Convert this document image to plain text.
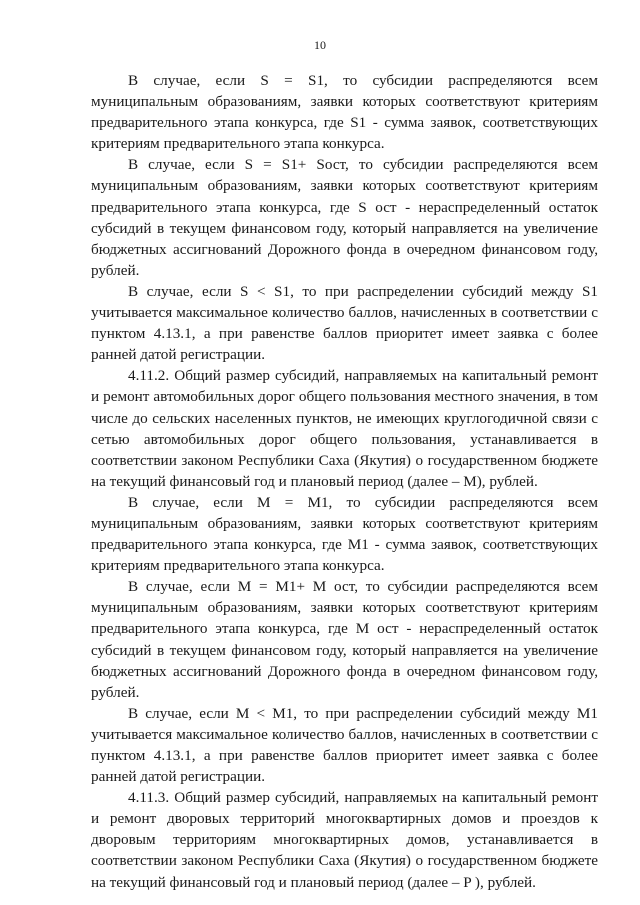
10

В случае, если S = S1, то субсидии распределяются всем муниципальным образованиям, заявки которых соответствуют критериям предварительного этапа конкурса, где S1 - сумма заявок, соответствующих критериям предварительного этапа конкурса.

В случае, если S = S1+ Sост, то субсидии распределяются всем муниципальным образованиям, заявки которых соответствуют критериям предварительного этапа конкурса, где S ост - нераспределенный остаток субсидий в текущем финансовом году, который направляется на увеличение бюджетных ассигнований Дорожного фонда в очередном финансовом году, рублей.

В случае, если S < S1, то при распределении субсидий между S1 учитывается максимальное количество баллов, начисленных в соответствии с пунктом 4.13.1, а при равенстве баллов приоритет имеет заявка с более ранней датой регистрации.

4.11.2. Общий размер субсидий, направляемых на капитальный ремонт и ремонт автомобильных дорог общего пользования местного значения, в том числе до сельских населенных пунктов, не имеющих круглогодичной связи с сетью автомобильных дорог общего пользования, устанавливается в соответствии законом Республики Саха (Якутия) о государственном бюджете на текущий финансовый год и плановый период (далее – M), рублей.

В случае, если M = M1, то субсидии распределяются всем муниципальным образованиям, заявки которых соответствуют критериям предварительного этапа конкурса, где M1 - сумма заявок, соответствующих критериям предварительного этапа конкурса.

В случае, если M = M1+ M ост, то субсидии распределяются всем муниципальным образованиям, заявки которых соответствуют критериям предварительного этапа конкурса, где M ост - нераспределенный остаток субсидий в текущем финансовом году, который направляется на увеличение бюджетных ассигнований Дорожного фонда в очередном финансовом году, рублей.

В случае, если M < M1, то при распределении субсидий между M1 учитывается максимальное количество баллов, начисленных в соответствии с пунктом 4.13.1, а при равенстве баллов приоритет имеет заявка с более ранней датой регистрации.

4.11.3. Общий размер субсидий, направляемых на капитальный ремонт и ремонт дворовых территорий многоквартирных домов и проездов к дворовым территориям многоквартирных домов, устанавливается в соответствии законом Республики Саха (Якутия) о государственном бюджете на текущий финансовый год и плановый период (далее – P ), рублей.
